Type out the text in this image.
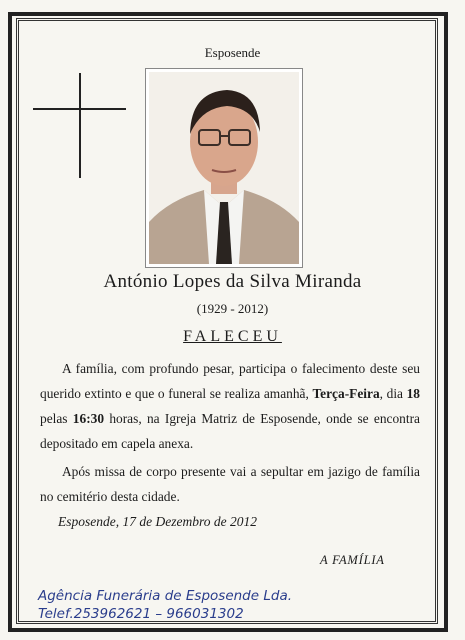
Esposende
António Lopes da Silva Miranda
(1929 - 2012)
FALECEU
A família, com profundo pesar, participa o falecimento deste seu querido extinto e que o funeral se realiza amanhã, Terça-Feira, dia 18 pelas 16:30 horas, na Igreja Matriz de Esposende, onde se encontra depositado em capela anexa.
Após missa de corpo presente vai a sepultar em jazigo de família no cemitério desta cidade.
Esposende, 17 de Dezembro de 2012
A FAMÍLIA
Agência Funerária de Esposende Lda.
Telef.253962621 – 966031302
